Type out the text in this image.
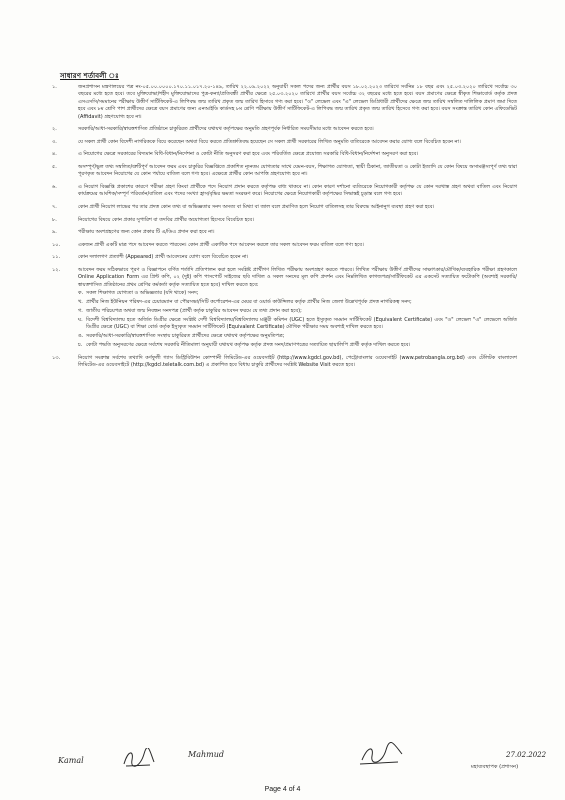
সাধারণ শর্তাবলী ঃ
১.	জনপ্রশাসন মন্ত্রণালয়ের পত্র নং-০৫.০০.০০০০.১৭০.১১.০১৭.২০-১৪৯, তারিখ ২২.০৯.২০২২ অনুযায়ী সকল পদের জন্য প্রার্থীর বয়স ১৮.০২.২০২৩ তারিখে সর্বনিম্ন ১৮ বছর এবং ২৫.০৩.২০২০ তারিখে সর্বোচ্চ ৩০ বছরের মধ্যে হতে হবে। তবে মুক্তিযোদ্ধা/শহীদ মুক্তিযোদ্ধাদের পুত্র-কন্যা/প্রতিবন্ধী প্রার্থীর ক্ষেত্রে ২৫.০৩.২০২০ তারিখে প্রার্থীর বয়স সর্বোচ্চ ৩২ বছরের মধ্যে হতে হবে। বয়স প্রমাণের ক্ষেত্রে স্বীকৃত শিক্ষাবোর্ড কর্তৃক প্রদত্ত এসএসসি/সমমানের পরীক্ষায় উত্তীর্ণ সার্টিফিকেট-এ লিপিবদ্ধ জন্ম তারিখ প্রকৃত জন্ম তারিখ হিসাবে গণ্য করা হবে। "ও" লেভেল এবং "এ" লেভেল ডিগ্রিধারী প্রার্থীদের ক্ষেত্রে জন্ম তারিখ সম্বলিত দালিলিক প্রমাণ জমা দিতে হবে এবং ৮ম শ্রেণি পাশ প্রার্থীদের ক্ষেত্রে বয়স প্রমাণের জন্য এনআইডি কার্ডসহ ৮ম শ্রেণি পরীক্ষায় উত্তীর্ণ সার্টিফিকেট-এ লিপিবদ্ধ জন্ম তারিখ প্রকৃত জন্ম তারিখ হিসেবে গণ্য করা হবে। বয়স সংক্রান্ত তারিখ কোন এফিডেভিট (Affidavit) গ্রহণযোগ্য হবে না।
২.	সরকারি/আধা-সরকারি/স্বায়ত্তশাসিত প্রতিষ্ঠানে চাকুরিরত প্রার্থীদের যথাযথ কর্তৃপক্ষের অনুমতি গ্রহণপূর্বক নির্ধারিত সময়সীমার মধ্যে আবেদন করতে হবে।
৩.	যে সকল প্রার্থী কোন বিদেশী নাগরিককে বিয়ে করেছেন অথবা বিয়ে করতে প্রতিশ্রুতিবদ্ধ হয়েছেন সে সকল প্রার্থী সরকারের লিখিত অনুমতি ব্যতিরেকে আবেদন করার যোগ্য বলে বিবেচিত হবেন না।
৪.	এ নিয়োগের ক্ষেত্রে সরকারের বিদ্যমান বিধি-বিধান/নির্দেশনা ও কোটা নীতি অনুসরণ করা হবে এবং পরিবর্তিত ক্ষেত্রে প্রযোজ্য সরকারি বিধি-বিধান/নির্দেশনা অনুসরণ করা হবে।
৫.	অসম্পূর্ণ/ভুল তথ্য সম্বলিত/ত্রুটিপূর্ণ আবেদন ফরম এবং চাকুরির বিজ্ঞপ্তিতে প্রকাশিত ন্যূনতম যোগ্যতার সাথে যেমন-বয়স, শিক্ষাগত যোগ্যতা, স্থায়ী ঠিকানা, জাতীয়তা ও কোটা ইত্যাদি যে কোন বিষয়ে অসামঞ্জস্যপূর্ণ তথ্য দ্বারা পূরণকৃত আবেদন নিয়োগের যে কোন পর্যায়ে বাতিল বলে গণ্য হবে। এক্ষেত্রে প্রার্থীর কোন আপত্তি গ্রহণযোগ্য হবে না।
৬.	এ নিয়োগ বিজ্ঞপ্তি প্রকাশের কারণে পরীক্ষা গ্রহণ কিংবা প্রার্থীকে পদে নিয়োগ প্রদান করতে কর্তৃপক্ষ বাধ্য থাকবে না। কোন কারণ দর্শানো ব্যতিরেকে নিয়োগকারী কর্তৃপক্ষ যে কোন দরখাস্ত গ্রহণ অথবা বাতিল এবং নিয়োগ কার্যক্রমের আংশিক/সম্পূর্ণ পরিবর্তন/বাতিল এবং পদের সংখ্যা হ্রাস/বৃদ্ধির ক্ষমতা সংরক্ষণ করে। নিয়োগের ক্ষেত্রে নিয়োগকারী কর্তৃপক্ষের সিদ্ধান্তই চূড়ান্ত বলে গণ্য হবে।
৭.	কোন প্রার্থী নিয়োগ লাভের পর তার প্রদত্ত কোন তথ্য বা অভিজ্ঞতার সনদ অসত্য বা মিথ্যা বা জাল বলে প্রমাণিত হলে নিয়োগ বাতিলসহ তার বিরুদ্ধে আইনানুগ ব্যবস্থা গ্রহণ করা হবে।
৮.	নিয়োগের বিষয়ে কোন প্রকার সুপারিশ বা তদবির প্রার্থীর অযোগ্যতা হিসেবে বিবেচিত হবে।
৯.	পরীক্ষায় অংশগ্রহণের জন্য কোন প্রকার টি এ/ডিএ প্রদান করা হবে না।
১০.	একজন প্রার্থী একটি মাত্র পদে আবেদন করতে পারবেন। কোন প্রার্থী একাধিক পদে আবেদন করলে তার সকল আবেদন ফরম বাতিল বলে গণ্য হবে।
১১.	কোন দলালগণ প্রত্যাশী (Appeared) প্রার্থী আবেদনের যোগ্য বলে বিবেচিত হবেন না।
১২.	আবেদন ফরম সঠিকভাবে পূরণ ও বিজ্ঞাপনে বর্ণিত শর্তাদি প্রতিপালন করা হলে সংশ্লিষ্ট প্রার্থীগণ লিখিত পরীক্ষায় অংশগ্রহণ করতে পারবে। লিখিত পরীক্ষায় উত্তীর্ণ প্রার্থীদের সাক্ষাৎকার/মৌখিক/ব্যবহারিক পরীক্ষা গ্রহণকালে Online Application Form এর প্রিন্ট কপি, ০২ (দুই) কপি পাসপোর্ট সাইজের ছবি দাখিল ও সকল সনদের মূল কপি প্রদর্শন এবং নিম্নলিখিত কাগজপত্র/সার্টিফিকেট এর একসেট সত্যায়িত ফটোকপি (অবশ্যই সরকারি/স্বায়ত্তশাসিত প্রতিষ্ঠানের প্রথম শ্রেণির কর্মকর্তা কর্তৃক সত্যায়িত হতে হবে) দাখিল করতে হবে:
ক. সকল শিক্ষাগত যোগ্যতা ও অভিজ্ঞতার (যদি থাকে) সনদ;
খ. প্রার্থীর নিজ ইউনিয়ন পরিষদ-এর চেয়ারম্যান বা পৌরসভা/সিটি কর্পোরেশন-এর মেয়র বা ওয়ার্ড কাউন্সিলর কর্তৃক প্রার্থীর নিজ জেলা উল্লেখপূর্বক প্রদত্ত নাগরিকত্ব সনদ;
গ. জাতীয় পরিচয়পত্র অথবা জন্ম নিবন্ধন সনদপত্র (প্রার্থী কর্তৃক চাকুরির আবেদন ফরমে যে তথ্য প্রদান করা হবে);
ঘ. বিদেশী বিশ্ববিদ্যালয় হতে অর্জিত ডিগ্রীর ক্ষেত্রে সংশ্লিষ্ট দেশী বিশ্ববিদ্যালয়/বিশ্ববিদ্যালয় মঞ্জুরী কমিশন (UGC) হতে ইস্যুকৃত সমমান সার্টিফিকেট (Equivalent Certificate) এবং "ও" লেভেল "এ" লেভেলে অর্জিত ডিগ্রীর ক্ষেত্রে (UGC) বা শিক্ষা বোর্ড কর্তৃক ইস্যুকৃত সমমান সার্টিফিকেট (Equivalent Certificate) মৌখিক পরীক্ষার সময় অবশ্যই দাখিল করতে হবে।
ঙ. সরকারি/আধা-সরকারি/স্বায়ত্তশাসিত সংস্থায় চাকুরিরত প্রার্থীদের ক্ষেত্রে যথাযথ কর্তৃপক্ষের অনুমতিপত্র;
চ. কোটা পদ্ধতি অনুসরণের ক্ষেত্রে সর্বশেষ সরকারি নীতিমালা অনুযায়ী যথাযথ কর্তৃপক্ষ কর্তৃক প্রদত্ত সনদ/প্রমাণপত্রের সত্যায়িত ছায়ালিপি প্রার্থী কর্তৃক দাখিল করতে হবে।
১৩.	নিয়োগ সংক্রান্ত সর্বশেষ তথ্যাদি কর্ণফুলী গ্যাস ডিস্ট্রিবিউশন কোম্পানী লিমিটেড-এর ওয়েবসাইট (http://www.kgdcl.gov.bd), পেট্রোবাংলার ওয়েবসাইট (www.petrobangla.org.bd) এবং টেলিটক বাংলাদেশ লিমিটেড-এর ওয়েবসাইটে (http://kgdcl.teletalk.com.bd) এ প্রকাশিত হবে বিধায় চাকুরি প্রার্থীদের সংশ্লিষ্ট Website Visit করতে হবে।
Kamal
Mahmud	27.02.2022
মহাব্যবস্থাপক (প্রশাসন)
Page 4 of 4
